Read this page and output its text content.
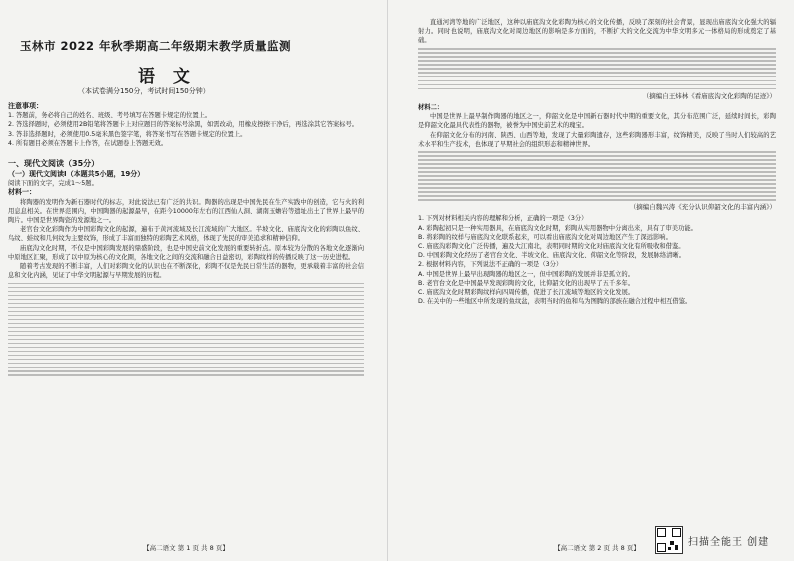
玉林市 2022 年秋季期高二年级期末教学质量监测
语 文
（本试卷满分150分，考试时间150分钟）
注意事项：

1. 答题前，务必将自己的姓名、班级、考号填写在答题卡规定的位置上。

2. 答选择题时，必须使用2B铅笔将答题卡上对应题目的答案标号涂黑，如需改动，用橡皮擦擦干净后，再选涂其它答案标号。

3. 答非选择题时，必须使用0.5毫米黑色签字笔，将答案书写在答题卡规定的位置上。

4. 所有题目必须在答题卡上作答，在试题卷上答题无效。

一、现代文阅读（35分）
（一）现代文阅读Ⅰ（本题共5小题，19分）

阅读下面的文字，完成1～5题。

材料一：

将陶器的发明作为新石器时代的标志，对此说法已有广泛的共识。陶器的出现是中国先民在生产实践中的创造，它与火的利用息息相关。在世界范围内，中国陶器的起源最早，在距今10000年左右的江西仙人洞、湖南玉蟾岩等遗址出土了世界上最早的陶片。中国是世界陶瓷的发源地之一。

老官台文化彩陶作为中国彩陶文化的起源，遍布于黄河流域及长江流域的广大地区。半坡文化、庙底沟文化的彩陶以鱼纹、鸟纹、蛙纹和几何纹为主要纹饰，形成了丰富而独特的彩陶艺术风格，体现了先民的审美追求和精神信仰。

庙底沟文化时期，不仅是中国彩陶发展的鼎盛阶段，也是中国史前文化发展的重要转折点。原本较为分散的各地文化逐渐向中原地区汇聚，形成了以中原为核心的文化圈，各地文化之间的交流和融合日益密切，彩陶纹样的传播反映了这一历史进程。

随着考古发现的不断丰富，人们对彩陶文化的认识也在不断深化，彩陶不仅是先民日常生活的器物，更承载着丰富的社会信息和文化内涵，见证了中华文明起源与早期发展的历程。

【高二语文 第 1 页 共 8 页】

直通河湾等地的广泛地区，这种以庙底沟文化彩陶为核心的文化传播，反映了深刻的社会背景，显现出庙底沟文化强大的辐射力。同时也说明，庙底沟文化对周边地区的影响是多方面的，不断扩大的文化交流为中华文明多元一体格局的形成奠定了基础。

（摘编自王炜林《看庙底沟文化彩陶的足迹》）

材料二：

中国是世界上最早制作陶器的地区之一，仰韶文化是中国新石器时代中期的重要文化，其分布范围广泛，延续时间长，彩陶是仰韶文化最具代表性的器物，被誉为中国史前艺术的瑰宝。

在仰韶文化分布的河南、陕西、山西等地，发现了大量彩陶遗存，这些彩陶器形丰富，纹饰精美，反映了当时人们较高的艺术水平和生产技术，也体现了早期社会的组织形态和精神世界。

（摘编自魏兴涛《充分认识仰韶文化的丰富内涵》）

1. 下列对材料相关内容的理解和分析，正确的一项是（3分）

A. 彩陶起初只是一种实用器具，在庙底沟文化时期，彩陶从实用器物中分离出来，具有了审美功能。

B. 将彩陶的纹样与庙底沟文化联系起来，可以看出庙底沟文化对周边地区产生了深远影响。

C. 庙底沟彩陶文化广泛传播，遍及大江南北，表明同时期的文化对庙底沟文化有所吸收和借鉴。

D. 中国彩陶文化经历了老官台文化、半坡文化、庙底沟文化、仰韶文化等阶段，发展脉络清晰。

2. 根据材料内容，下列说法不正确的一项是（3分）

A. 中国是世界上最早出现陶器的地区之一，但中国彩陶的发展并非是孤立的。

B. 老官台文化是中国最早发现彩陶的文化，比仰韶文化的出现早了五千多年。

C. 庙底沟文化时期彩陶纹样向四周传播，促进了长江流域等地区的文化发展。

D. 在关中的一些地区中所发现的鱼纹盆，表明当时的鱼和鸟为图腾的部族在融合过程中相互借鉴。

【高二语文 第 2 页 共 8 页】	扫描全能王 创建
